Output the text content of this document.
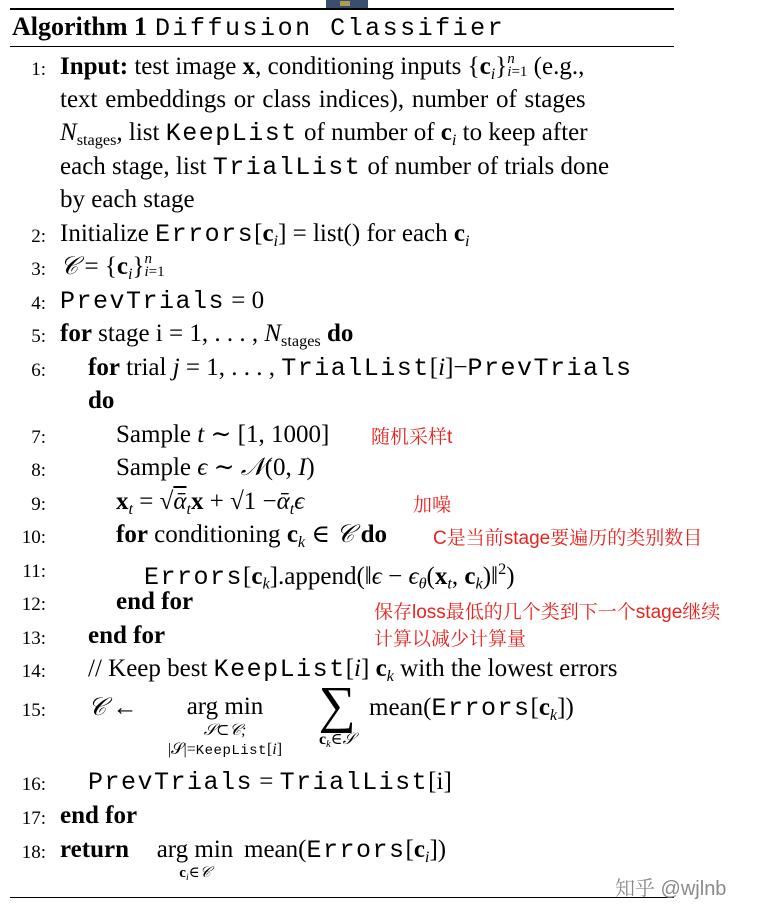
Algorithm 1 Diffusion Classifier
1:
2:
3:
4:
5:
6:
7:
8:
9:
10:
11:
12:
13:
14:
15:
16:
17:
18:
Input: test image x, conditioning inputs $\{c_i\}n$
i=1 (e.g.,
text embeddings or class indices), number of stages
$N_{stages}$, list KeepList of number of $c_i$ to keep after
each stage, list TrialList of number of trials done
by each stage
Initialize $Errors[c_i]$ = list() for each $c_i$
𝒞 = $\{c_i\}n$
i=1
PrevTrials = 0
for stage i = 1, . . . , $N_{stages}$ do
for trial j = 1, . . . , TrialList[i]−PrevTrials
do
Sample t ∼ [1, 1000] 随机采样t
Sample ϵ ∼ 𝒩(0, I)
$x_t$ = √ᾱ$_t$x + √1 −ᾱ$_t$ϵ	加噪
for conditioning $c_k$ ∈ 𝒞 do C是当前stage要遍历的类别数目
$Errors[c_k].append(‖\epsilon - \epsilon_\theta(x_t$, $c_k)‖^2$)
end for	保存loss最低的几个类到下一个stage继续
计算以减少计算量
end for
// Keep best KeepList[i] $c_k$ with the lowest errors
𝒞 ←	arg min
𝒮⊂𝒞;
|𝒮|=KeepList[i]
∑
$c_k\in 𝒮$
$mean(Errors[c_k])$
PrevTrials = TrialList[i]
end for
return	arg min
$c_i\in 𝒞$
$mean(Errors[c_i])$
知乎 @wjlnb
